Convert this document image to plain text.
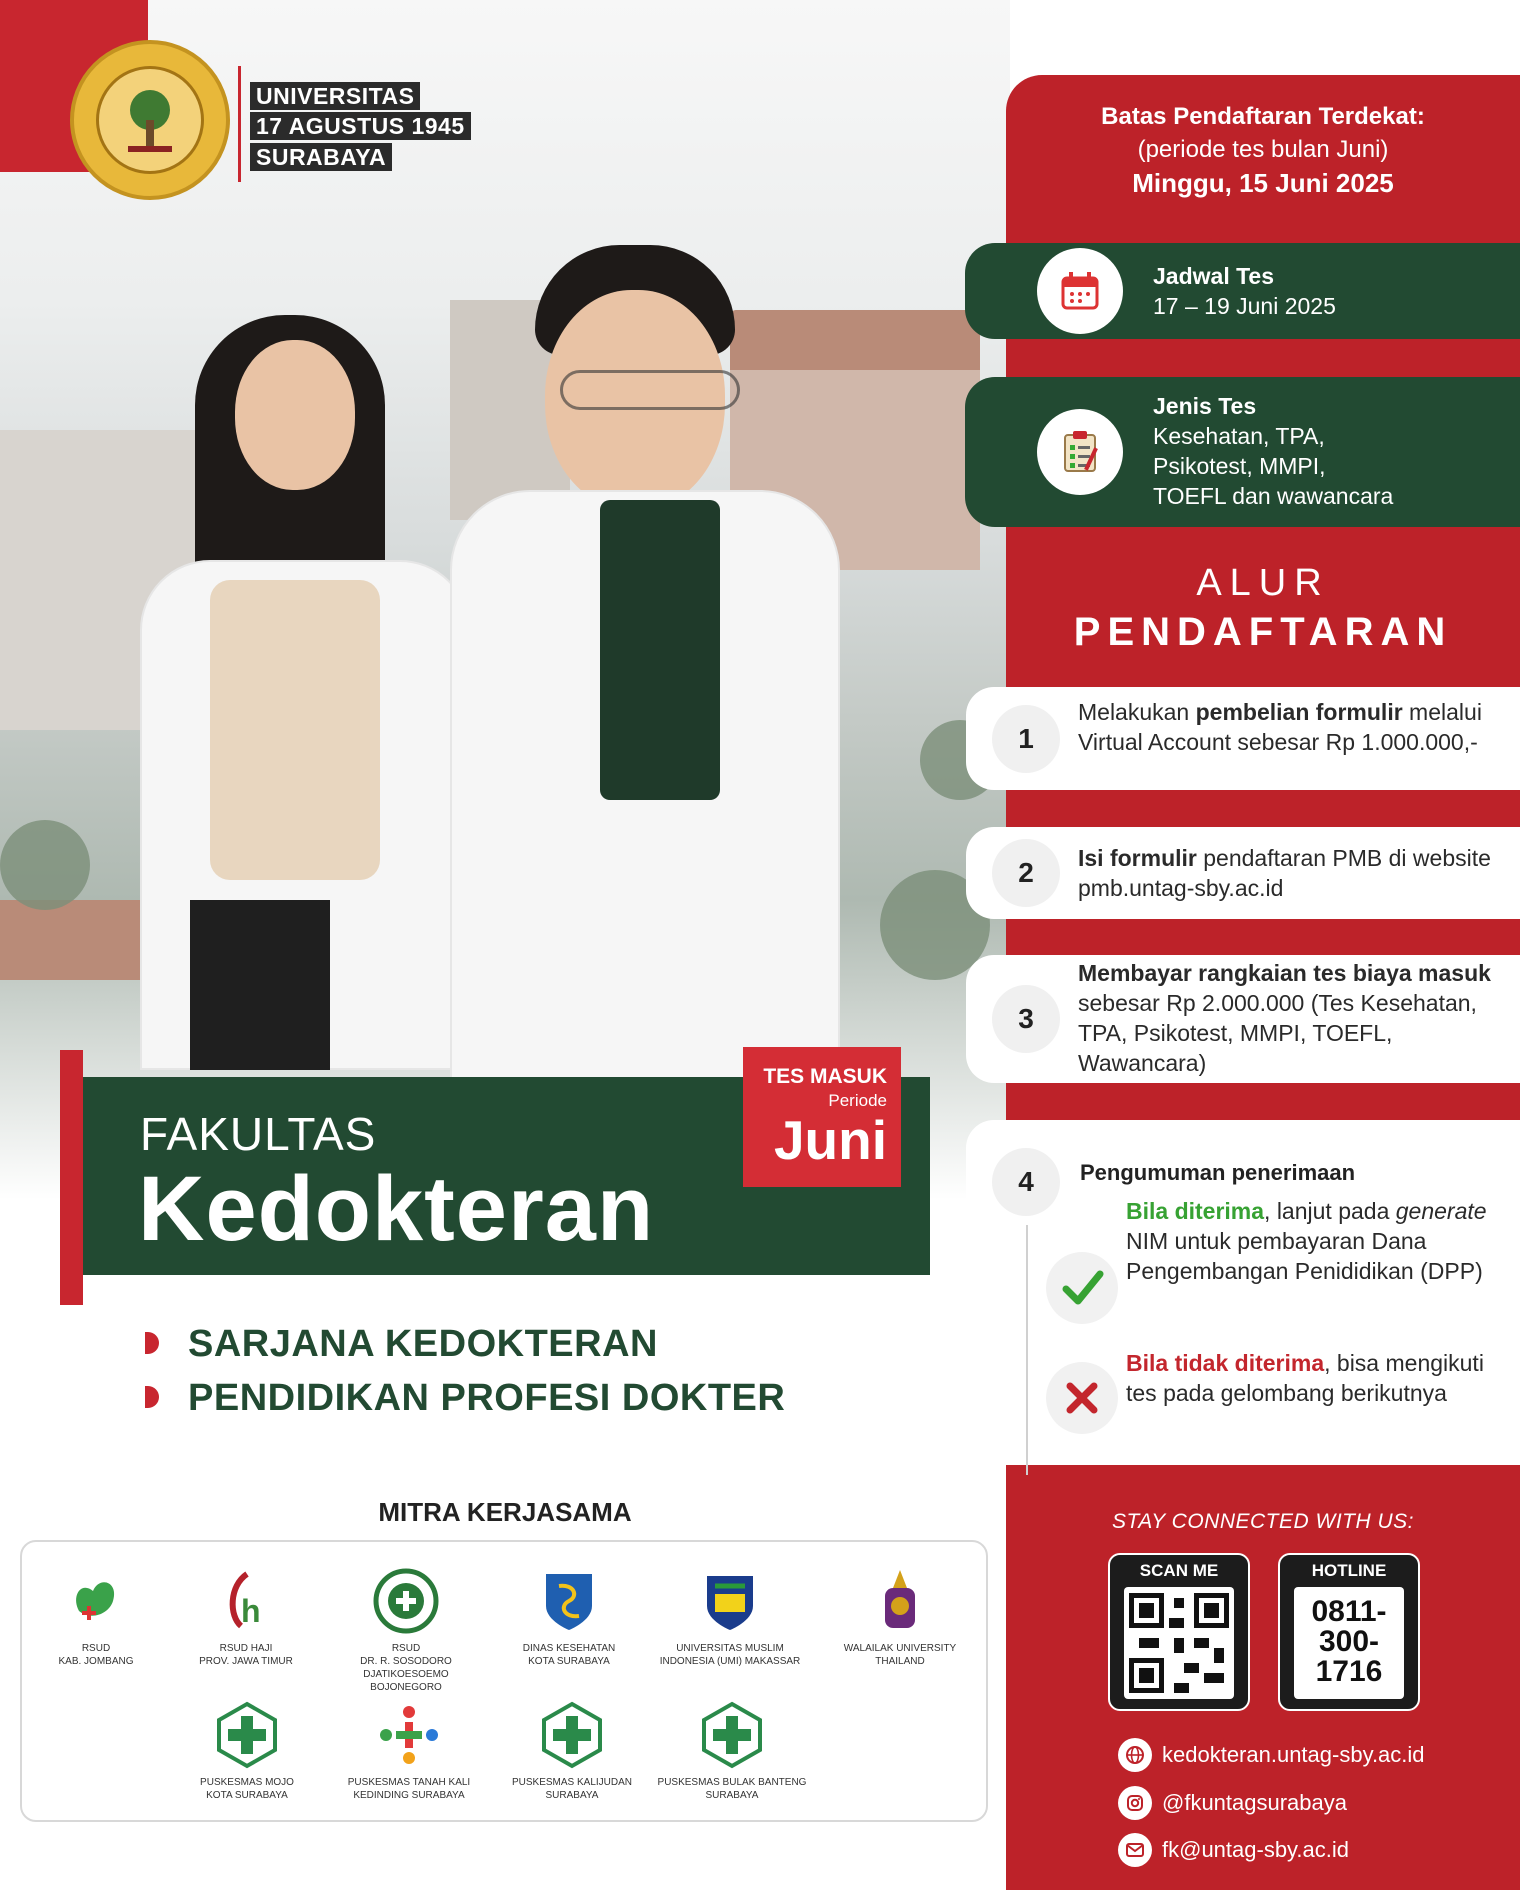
UNIVERSITAS
17 AGUSTUS 1945
SURABAYA
Batas Pendaftaran Terdekat:
(periode tes bulan Juni)
Minggu, 15 Juni 2025
Jadwal Tes
17 – 19 Juni 2025
Jenis Tes
Kesehatan, TPA,
Psikotest, MMPI,
TOEFL dan wawancara
ALUR
PENDAFTARAN
1
Melakukan pembelian formulir melalui Virtual Account sebesar Rp 1.000.000,-
2	Isi formulir pendaftaran PMB di website pmb.untag-sby.ac.id
3
Membayar rangkaian tes biaya masuk sebesar Rp 2.000.000 (Tes Kesehatan, TPA, Psikotest, MMPI, TOEFL, Wawancara)
4	Pengumuman penerimaan
Bila diterima, lanjut pada generate NIM untuk pembayaran Dana Pengembangan Penididikan (DPP)
Bila tidak diterima, bisa mengikuti tes pada gelombang berikutnya
STAY CONNECTED WITH US:
SCAN ME	HOTLINE
0811-
300-
1716
kedokteran.untag-sby.ac.id
@fkuntagsurabaya
fk@untag-sby.ac.id
FAKULTAS
Kedokteran
TES MASUK
Periode
Juni
SARJANA KEDOKTERAN
PENDIDIKAN PROFESI DOKTER
MITRA KERJASAMA
RSUD
KAB. JOMBANG
h
RSUD HAJI
PROV. JAWA TIMUR
RSUD
DR. R. SOSODORO DJATIKOESOEMO
BOJONEGORO
DINAS KESEHATAN
KOTA SURABAYA
UNIVERSITAS MUSLIM
INDONESIA (UMI) MAKASSAR
WALAILAK UNIVERSITY
THAILAND
PUSKESMAS MOJO
KOTA SURABAYA
PUSKESMAS TANAH KALI
KEDINDING SURABAYA
PUSKESMAS KALIJUDAN
SURABAYA
PUSKESMAS BULAK BANTENG
SURABAYA
